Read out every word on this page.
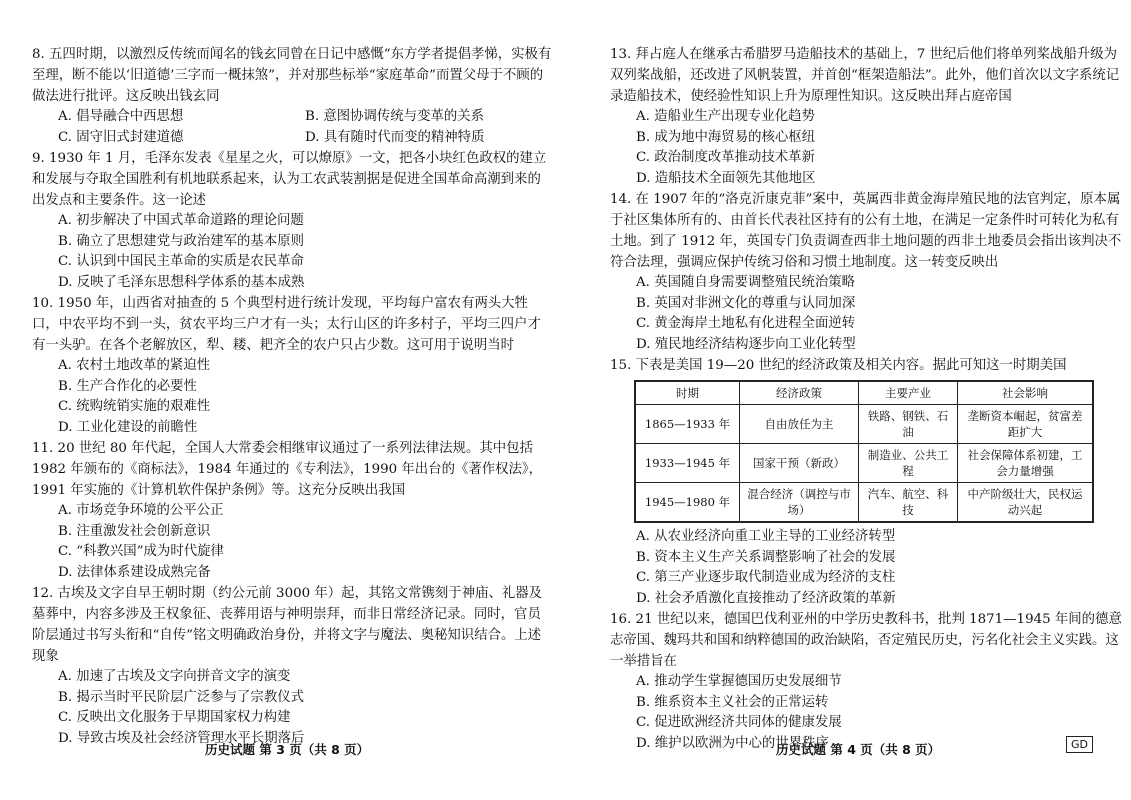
8. 五四时期，以激烈反传统而闻名的钱玄同曾在日记中感慨“东方学者提倡孝悌，实极有至理，断不能以‘旧道德’三字而一概抹煞”，并对那些标举“家庭革命”而置父母于不顾的做法进行批评。这反映出钱玄同

A. 倡导融合中西思想	B. 意图协调传统与变革的关系

C. 固守旧式封建道德	D. 具有随时代而变的精神特质

9. 1930 年 1 月，毛泽东发表《星星之火，可以燎原》一文，把各小块红色政权的建立和发展与夺取全国胜利有机地联系起来，认为工农武装割据是促进全国革命高潮到来的出发点和主要条件。这一论述

A. 初步解决了中国式革命道路的理论问题

B. 确立了思想建党与政治建军的基本原则

C. 认识到中国民主革命的实质是农民革命

D. 反映了毛泽东思想科学体系的基本成熟

10. 1950 年，山西省对抽查的 5 个典型村进行统计发现，平均每户富农有两头大牲口，中农平均不到一头，贫农平均三户才有一头；太行山区的许多村子，平均三四户才有一头驴。在各个老解放区，犁、耧、耙齐全的农户只占少数。这可用于说明当时

A. 农村土地改革的紧迫性

B. 生产合作化的必要性

C. 统购统销实施的艰难性

D. 工业化建设的前瞻性

11. 20 世纪 80 年代起，全国人大常委会相继审议通过了一系列法律法规。其中包括 1982 年颁布的《商标法》，1984 年通过的《专利法》，1990 年出台的《著作权法》，1991 年实施的《计算机软件保护条例》等。这充分反映出我国

A. 市场竞争环境的公平公正

B. 注重激发社会创新意识

C. “科教兴国”成为时代旋律

D. 法律体系建设成熟完备

12. 古埃及文字自早王朝时期（约公元前 3000 年）起，其铭文常镌刻于神庙、礼器及墓葬中，内容多涉及王权象征、丧葬用语与神明崇拜，而非日常经济记录。同时，官员阶层通过书写头衔和“自传”铭文明确政治身份，并将文字与魔法、奥秘知识结合。上述现象

A. 加速了古埃及文字向拼音文字的演变

B. 揭示当时平民阶层广泛参与了宗教仪式

C. 反映出文化服务于早期国家权力构建

D. 导致古埃及社会经济管理水平长期落后

13. 拜占庭人在继承古希腊罗马造船技术的基础上，7 世纪后他们将单列桨战船升级为双列桨战船，还改进了风帆装置，并首创“框架造船法”。此外，他们首次以文字系统记录造船技术，使经验性知识上升为原理性知识。这反映出拜占庭帝国

A. 造船业生产出现专业化趋势

B. 成为地中海贸易的核心枢纽

C. 政治制度改革推动技术革新

D. 造船技术全面领先其他地区

14. 在 1907 年的“洛克沂康克菲”案中，英属西非黄金海岸殖民地的法官判定，原本属于社区集体所有的、由首长代表社区持有的公有土地，在满足一定条件时可转化为私有土地。到了 1912 年，英国专门负责调查西非土地问题的西非土地委员会指出该判决不符合法理，强调应保护传统习俗和习惯土地制度。这一转变反映出

A. 英国随自身需要调整殖民统治策略

B. 英国对非洲文化的尊重与认同加深

C. 黄金海岸土地私有化进程全面逆转

D. 殖民地经济结构逐步向工业化转型

15. 下表是美国 19—20 世纪的经济政策及相关内容。据此可知这一时期美国

时期	经济政策	主要产业	社会影响
1865—1933 年	自由放任为主	铁路、钢铁、石油	垄断资本崛起，贫富差距扩大
1933—1945 年	国家干预（新政）	制造业、公共工程	社会保障体系初建，工会力量增强
1945—1980 年	混合经济（调控与市场）	汽车、航空、科技	中产阶级壮大，民权运动兴起

A. 从农业经济向重工业主导的工业经济转型

B. 资本主义生产关系调整影响了社会的发展

C. 第三产业逐步取代制造业成为经济的支柱

D. 社会矛盾激化直接推动了经济政策的革新

16. 21 世纪以来，德国巴伐利亚州的中学历史教科书，批判 1871—1945 年间的德意志帝国、魏玛共和国和纳粹德国的政治缺陷，否定殖民历史，污名化社会主义实践。这一举措旨在

A. 推动学生掌握德国历史发展细节

B. 维系资本主义社会的正常运转

C. 促进欧洲经济共同体的健康发展

D. 维护以欧洲为中心的世界秩序

历史试题 第 3 页（共 8 页）	历史试题 第 4 页（共 8 页）	GD
